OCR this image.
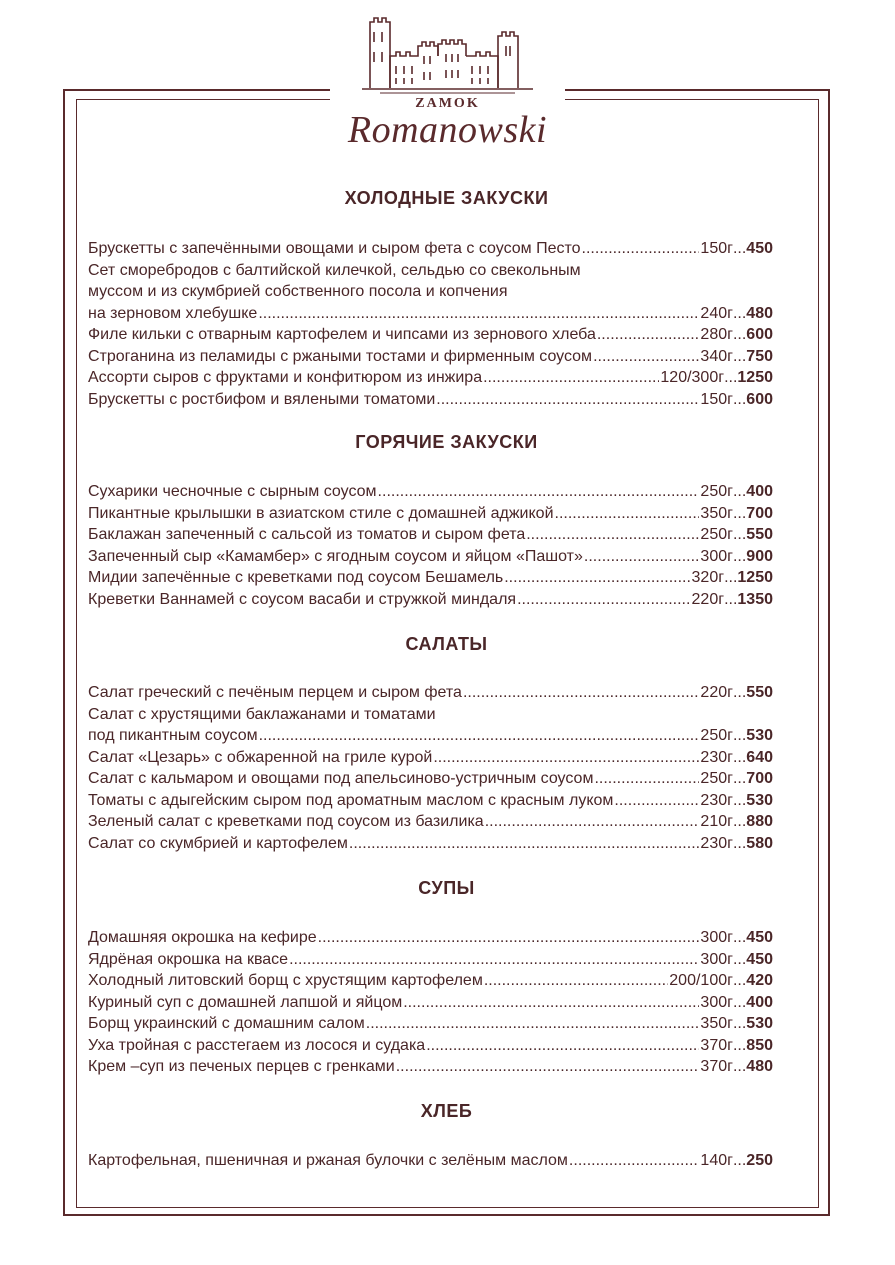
ZAMOK
Romanowski
ХОЛОДНЫЕ ЗАКУСКИ
Брускетты с запечёнными овощами и сыром фета с соусом Песто .....	150г ... 450
Сет сморебродов с балтийской килечкой, сельдью со свекольным
муссом и из скумбрией собственного посола и копчения
на зерновом хлебушке .....	240г ... 480
Филе кильки с отварным картофелем и чипсами из зернового хлеба .....	280г ... 600
Строганина из пеламиды с ржаными тостами и фирменным соусом .....	340г ... 750
Ассорти сыров с фруктами и конфитюром из инжира .....	120/300г ... 1250
Брускетты с ростбифом и вялеными томатоми .....	150г ... 600
ГОРЯЧИЕ ЗАКУСКИ
Сухарики чесночные с сырным соусом .....	250г ... 400
Пикантные крылышки в азиатском стиле с домашней аджикой .....	350г ... 700
Баклажан запеченный с сальсой из томатов и сыром фета .....	250г ... 550
Запеченный сыр «Камамбер» с ягодным соусом и яйцом «Пашот» .....	300г ... 900
Мидии запечённые с креветками под соусом Бешамель .....	320г ... 1250
Креветки Ваннамей с соусом васаби и стружкой миндаля .....	220г ... 1350
САЛАТЫ
Салат греческий с печёным перцем и сыром фета .....	220г ... 550
Салат с хрустящими баклажанами и томатами
под пикантным соусом .....	250г ... 530
Салат «Цезарь» с обжаренной на гриле курой .....	230г ... 640
Салат с кальмаром и овощами под апельсиново-устричным соусом .....	250г ... 700
Томаты с адыгейским сыром под ароматным маслом с красным луком .....	230г ... 530
Зеленый салат с креветками под соусом из базилика .....	210г ... 880
Салат со скумбрией и картофелем .....	230г ... 580
СУПЫ
Домашняя окрошка на кефире .....	300г ... 450
Ядрёная окрошка на квасе .....	300г ... 450
Холодный литовский борщ с хрустящим картофелем .....	200/100г ... 420
Куриный суп с домашней лапшой и яйцом .....	300г ... 400
Борщ украинский с домашним салом .....	350г ... 530
Уха тройная с расстегаем из лосося и судака .....	370г ... 850
Крем –суп из печеных перцев с гренками .....	370г ... 480
ХЛЕБ
Картофельная, пшеничная и ржаная булочки с зелёным маслом .....	140г ... 250
